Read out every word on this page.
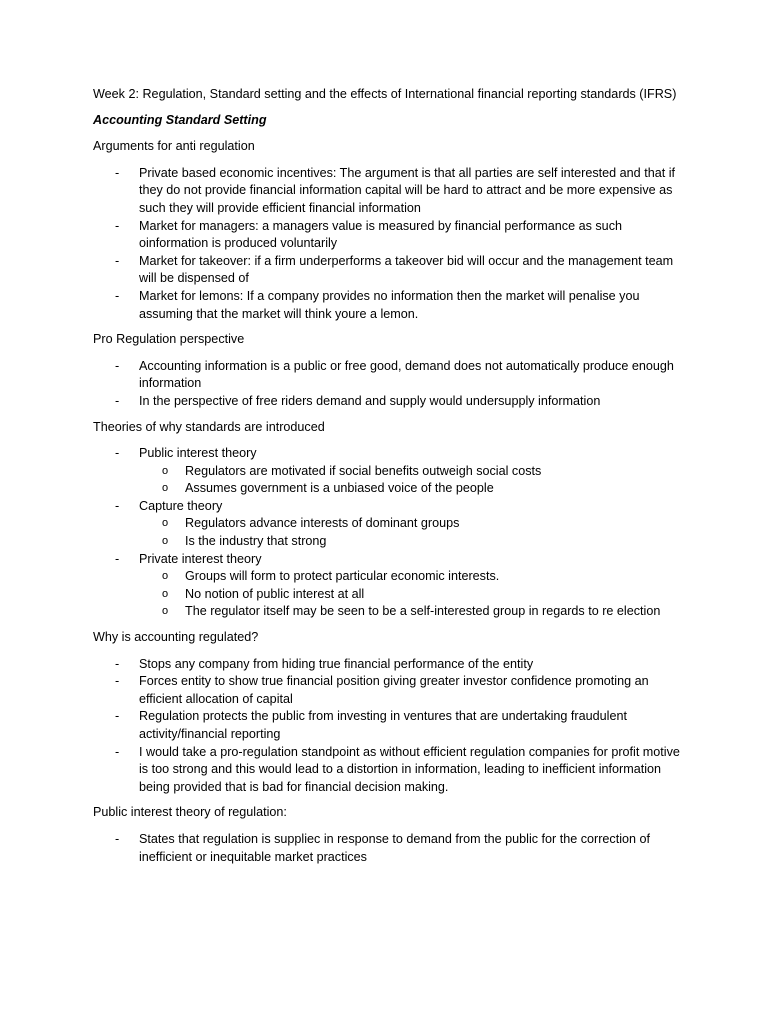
Week 2: Regulation, Standard setting and the effects of International financial reporting standards (IFRS)

Accounting Standard Setting

Arguments for anti regulation

- Private based economic incentives: The argument is that all parties are self interested and that if they do not provide financial information capital will be hard to attract and be more expensive as such they will provide efficient financial information
- Market for managers: a managers value is measured by financial performance as such oinformation is produced voluntarily
- Market for takeover: if a firm underperforms a takeover bid will occur and the management team will be dispensed of
- Market for lemons: If a company provides no information then the market will penalise you assuming that the market will think youre a lemon.

Pro Regulation perspective

- Accounting information is a public or free good, demand does not automatically produce enough information
- In the perspective of free riders demand and supply would undersupply information

Theories of why standards are introduced

- Public interest theory
o Regulators are motivated if social benefits outweigh social costs
o Assumes government is a unbiased voice of the people
- Capture theory
o Regulators advance interests of dominant groups
o Is the industry that strong
- Private interest theory
o Groups will form to protect particular economic interests.
o No notion of public interest at all
o The regulator itself may be seen to be a self-interested group in regards to re election

Why is accounting regulated?

- Stops any company from hiding true financial performance of the entity
- Forces entity to show true financial position giving greater investor confidence promoting an efficient allocation of capital
- Regulation protects the public from investing in ventures that are undertaking fraudulent activity/financial reporting
- I would take a pro-regulation standpoint as without efficient regulation companies for profit motive is too strong and this would lead to a distortion in information, leading to inefficient information being provided that is bad for financial decision making.

Public interest theory of regulation:

- States that regulation is suppliec in response to demand from the public for the correction of inefficient or inequitable market practices
